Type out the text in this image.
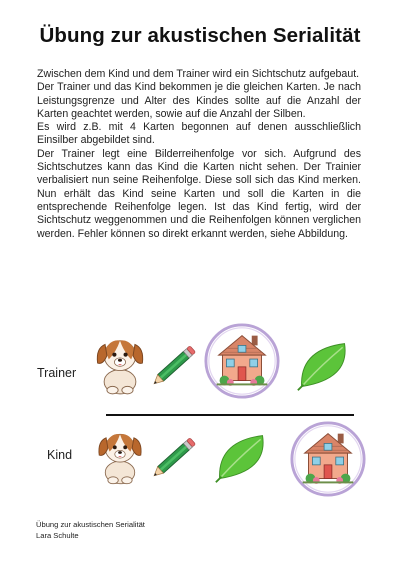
Übung zur akustischen Serialität

Zwischen dem Kind und dem Trainer wird ein Sichtschutz aufgebaut.

Der Trainer und das Kind bekommen je die gleichen Karten. Je nach Leistungsgrenze und Alter des Kindes sollte auf die Anzahl der Karten geachtet werden, sowie auf die Anzahl der Silben.

Es wird z.B. mit 4 Karten begonnen auf denen ausschließlich Einsilber abgebildet sind.

Der Trainer legt eine Bilderreihenfolge vor sich. Aufgrund des Sichtschutzes kann das Kind die Karten nicht sehen. Der Trainier verbalisiert nun seine Reihenfolge. Diese soll sich das Kind merken. Nun erhält das Kind seine Karten und soll die Karten in die entsprechende Reihenfolge legen. Ist das Kind fertig, wird der Sichtschutz weggenommen und die Reihenfolgen können verglichen werden. Fehler können so direkt erkannt werden, siehe Abbildung.

Trainer
Kind
Übung zur akustischen Serialität
Lara Schulte
